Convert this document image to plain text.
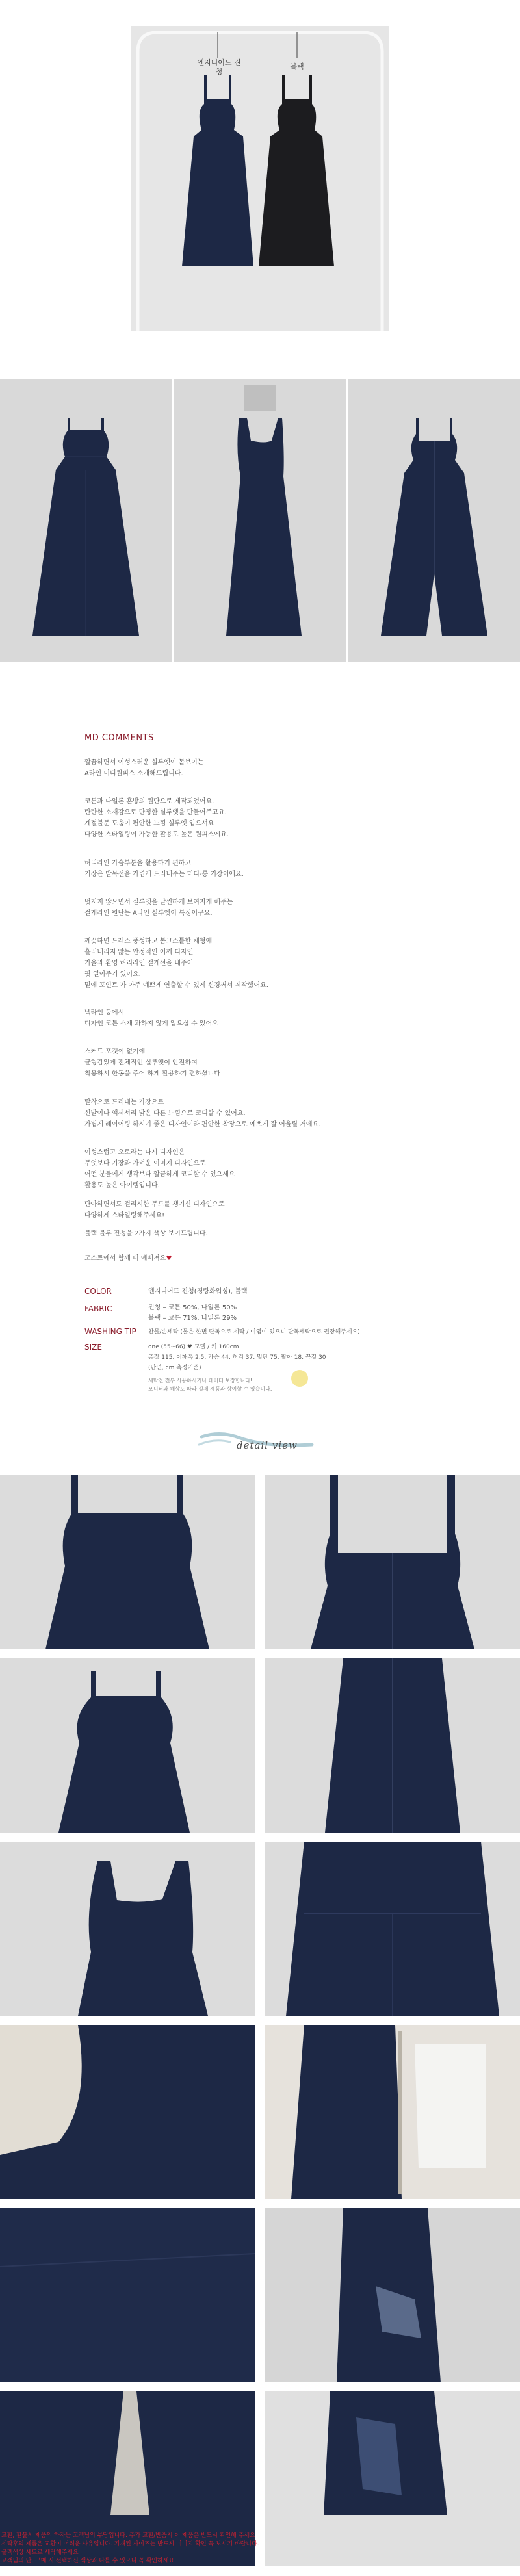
엔지니어드 진청
블랙
MD COMMENTS
깔끔하면서 여성스러운 실루엣이 돋보이는
A라인 미디원피스 소개해드립니다.
코튼과 나일론 혼방의 원단으로 제작되었어요.
탄탄한 소재감으로 단정한 실루엣을 만들어주고요.
계절불문 도움이 편안한 느낌 실루엣 입으셔요
다양한 스타일링이 가능한 활용도 높은 원피스에요.
허리라인 가슴부분을 활용하기 편하고
기장은 발목선을 가볍게 드러내주는 미디-롱 기장이에요.
멋지지 않으면서 실루엣을 날씬하게 보여지게 해주는
절개라인 원단는 A라인 실루엣이 특징이구요.
깨끗하면 드레스 풍성하고 봄그스틀한 체형에
흘러내리지 않는 안정적인 어깨 디자인
가을과 환영 허리라인 절개선을 내주어
핏 열이주기 있어요.
밑에 포인트 가 아주 예쁘게 연출할 수 있게 신경써서 제작했어요.
넥라인 등에서
디자인 코튼 소재 과하지 않게 입으실 수 있어요
스커트 포켓이 없기에
균형감있게 전체적인 실루엣이 안전하여
착용하시 한동을 주어 하게 활용하기 편하셨니다
탈착으로 드러내는 가장으로
신발이나 액세서리 밝은 다른 느낌으로 코디할 수 있어요.
가볍게 레이어링 하시기 좋은 디자인이라 편안한 착장으로 예쁘게 잘 어울릴 거에요.
여성스럽고 오로라는 나시 디자인은
무엇보다 기장과 가벼운 이미지 디자인으로
어떤 분들에게 생각보다 깔끔하게 코디할 수 있으세요
활용도 높은 아이템입니다.
단아하면서도 걸리시한 무드를 챙기신 디자인으로
다양하게 스타일링해주세요!
블랙 블루 진청을 2가지 색상 보여드립니다.
모스트에서 함께 더 예뻐져요♥
COLOR	엔지니어드 진청(경량화워싱), 블랙
FABRIC	진청 – 코튼 50%, 나일론 50%
블랙 – 코튼 71%, 나일론 29%
WASHING TIP 찬물/손세탁 (물은 한번 단독으로 세탁 / 이염이 있으니 단독세탁으로 권장해주세요)
SIZE	one (55~66) ♥ 모델 / 키 160cm
총장 115, 어깨폭 2.5, 가슴 44, 허리 37, 밑단 75, 팔아 18, 끈길 30
(단면, cm 측정기준)
세탁전 전부 사용하시거나 데이터 보장합니다!
모니터와 해상도 따라 실제 제품과 상이할 수 있습니다.
detail view
교환, 환불시 제품의 하자는 고객님의 부담입니다. 추가 교환/반품시 이 제품은 반드시 확인해 주세요
세탁후의 제품은 교환이 어려운 사유입니다. 기재된 사이즈는 반드시 이미지 확인 꼭 보시기 바랍니다.
블랙색상 세트로 세탁해주세요
고객님의 단, 구매 시 선택하신 색상과 다를 수 있으니 꼭 확인하세요.
